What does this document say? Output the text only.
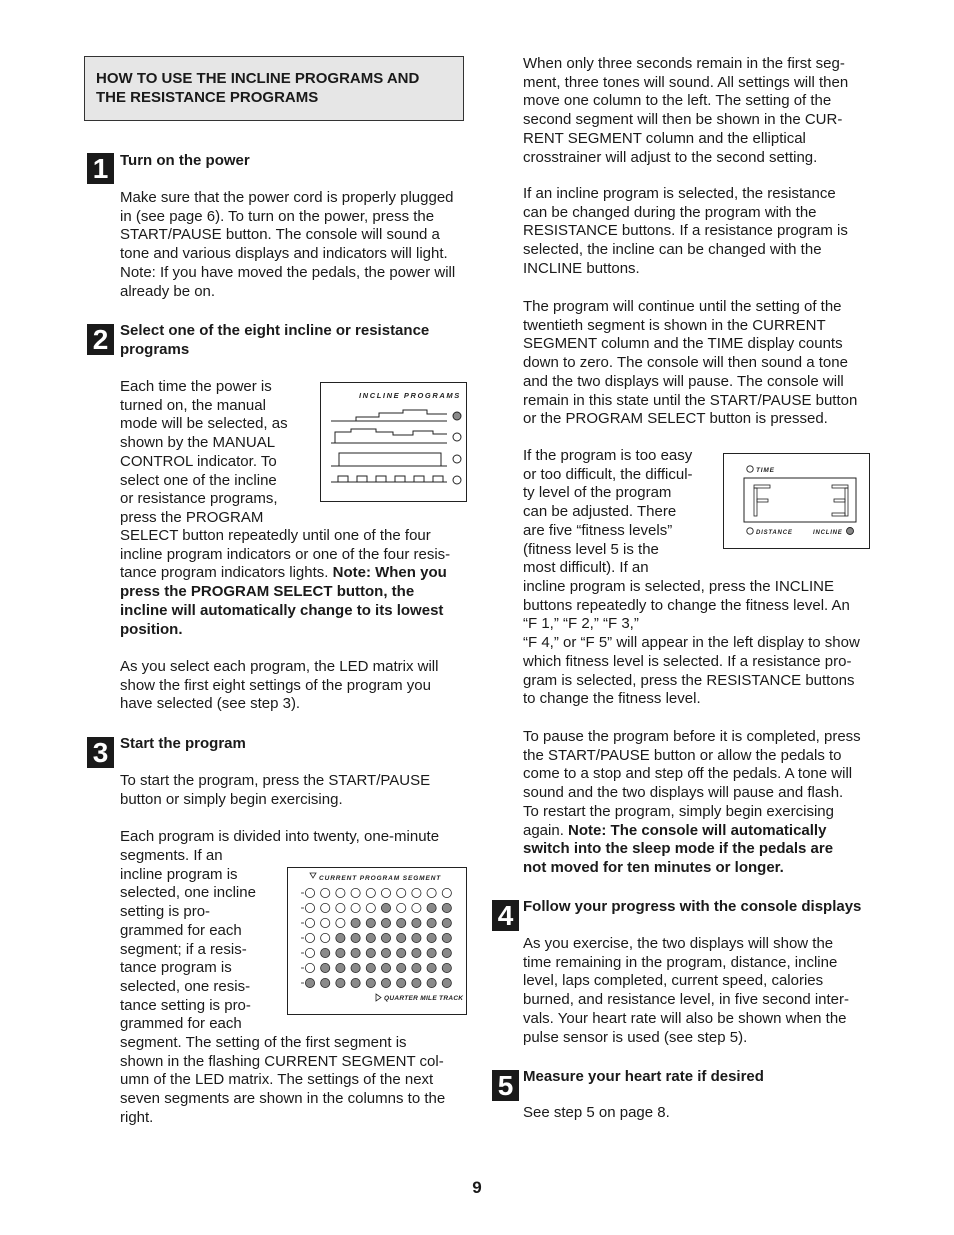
HOW TO USE THE INCLINE PROGRAMS AND
THE RESISTANCE PROGRAMS
1 Turn on the power
Make sure that the power cord is properly plugged
in (see page 6). To turn on the power, press the
START/PAUSE button. The console will sound a
tone and various displays and indicators will light.
Note: If you have moved the pedals, the power will
already be on.
2 Select one of the eight incline or resistance
programs
Each time the power is
turned on, the manual
mode will be selected, as
shown by the MANUAL
CONTROL indicator. To
select one of the incline
or resistance programs,
press the PROGRAM
SELECT button repeatedly until one of the four
incline program indicators or one of the four resis-
tance program indicators lights. Note: When you
press the PROGRAM SELECT button, the
incline will automatically change to its lowest
position.
As you select each program, the LED matrix will
show the first eight settings of the program you
have selected (see step 3).
INCLINE PROGRAMS
3 Start the program
To start the program, press the START/PAUSE
button or simply begin exercising.
Each program is divided into twenty, one-minute
segments. If an
incline program is
selected, one incline
setting is pro-
grammed for each
segment; if a resis-
tance program is
selected, one resis-
tance setting is pro-
grammed for each
segment. The setting of the first segment is
shown in the flashing CURRENT SEGMENT col-
umn of the LED matrix. The settings of the next
seven segments are shown in the columns to the
right.
CURRENT PROGRAM SEGMENT
QUARTER MILE TRACK
When only three seconds remain in the first seg-
ment, three tones will sound. All settings will then
move one column to the left. The setting of the
second segment will then be shown in the CUR-
RENT SEGMENT column and the elliptical
crosstrainer will adjust to the second setting.
If an incline program is selected, the resistance
can be changed during the program with the
RESISTANCE buttons. If a resistance program is
selected, the incline can be changed with the
INCLINE buttons.
The program will continue until the setting of the
twentieth segment is shown in the CURRENT
SEGMENT column and the TIME display counts
down to zero. The console will then sound a tone
and the two displays will pause. The console will
remain in this state until the START/PAUSE button
or the PROGRAM SELECT button is pressed.
If the program is too easy
or too difficult, the difficul-
ty level of the program
can be adjusted. There
are five “fitness levels”
(fitness level 5 is the
most difficult). If an
incline program is selected, press the INCLINE
buttons repeatedly to change the fitness level. An
“F 1,” “F 2,” “F 3,”
“F 4,” or “F 5” will appear in the left display to show
which fitness level is selected. If a resistance pro-
gram is selected, press the RESISTANCE buttons
to change the fitness level.
To pause the program before it is completed, press
the START/PAUSE button or allow the pedals to
come to a stop and step off the pedals. A tone will
sound and the two displays will pause and flash.
To restart the program, simply begin exercising
again. Note: The console will automatically
switch into the sleep mode if the pedals are
not moved for ten minutes or longer.
TIME
F	3
DISTANCE	INCLINE
4 Follow your progress with the console displays
As you exercise, the two displays will show the
time remaining in the program, distance, incline
level, laps completed, current speed, calories
burned, and resistance level, in five second inter-
vals. Your heart rate will also be shown when the
pulse sensor is used (see step 5).
5 Measure your heart rate if desired
See step 5 on page 8.
9
